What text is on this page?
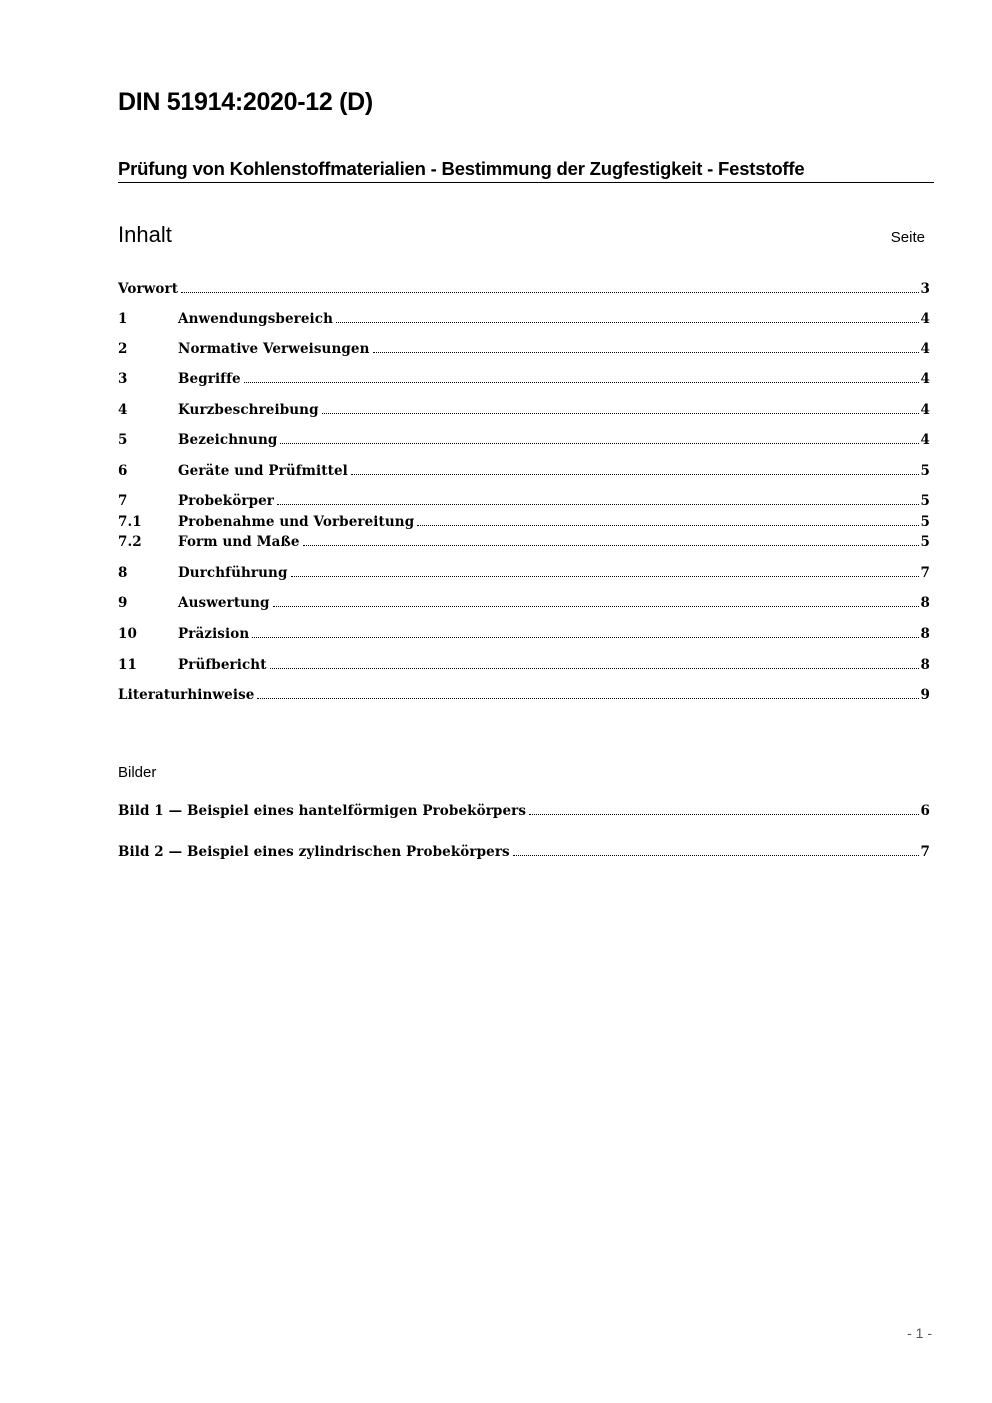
DIN 51914:2020-12 (D)
Prüfung von Kohlenstoffmaterialien - Bestimmung der Zugfestigkeit - Feststoffe
Inhalt	Seite
Vorwort	3
1	Anwendungsbereich	4
2	Normative Verweisungen	4
3	Begriffe	4
4	Kurzbeschreibung	4
5	Bezeichnung	4
6	Geräte und Prüfmittel	5
7	Probekörper	5
7.1	Probenahme und Vorbereitung	5
7.2	Form und Maße	5
8	Durchführung	7
9	Auswertung	8
10	Präzision	8
11	Prüfbericht	8
Literaturhinweise	9
Bilder
Bild 1 — Beispiel eines hantelförmigen Probekörpers	6
Bild 2 — Beispiel eines zylindrischen Probekörpers	7
- 1 -
